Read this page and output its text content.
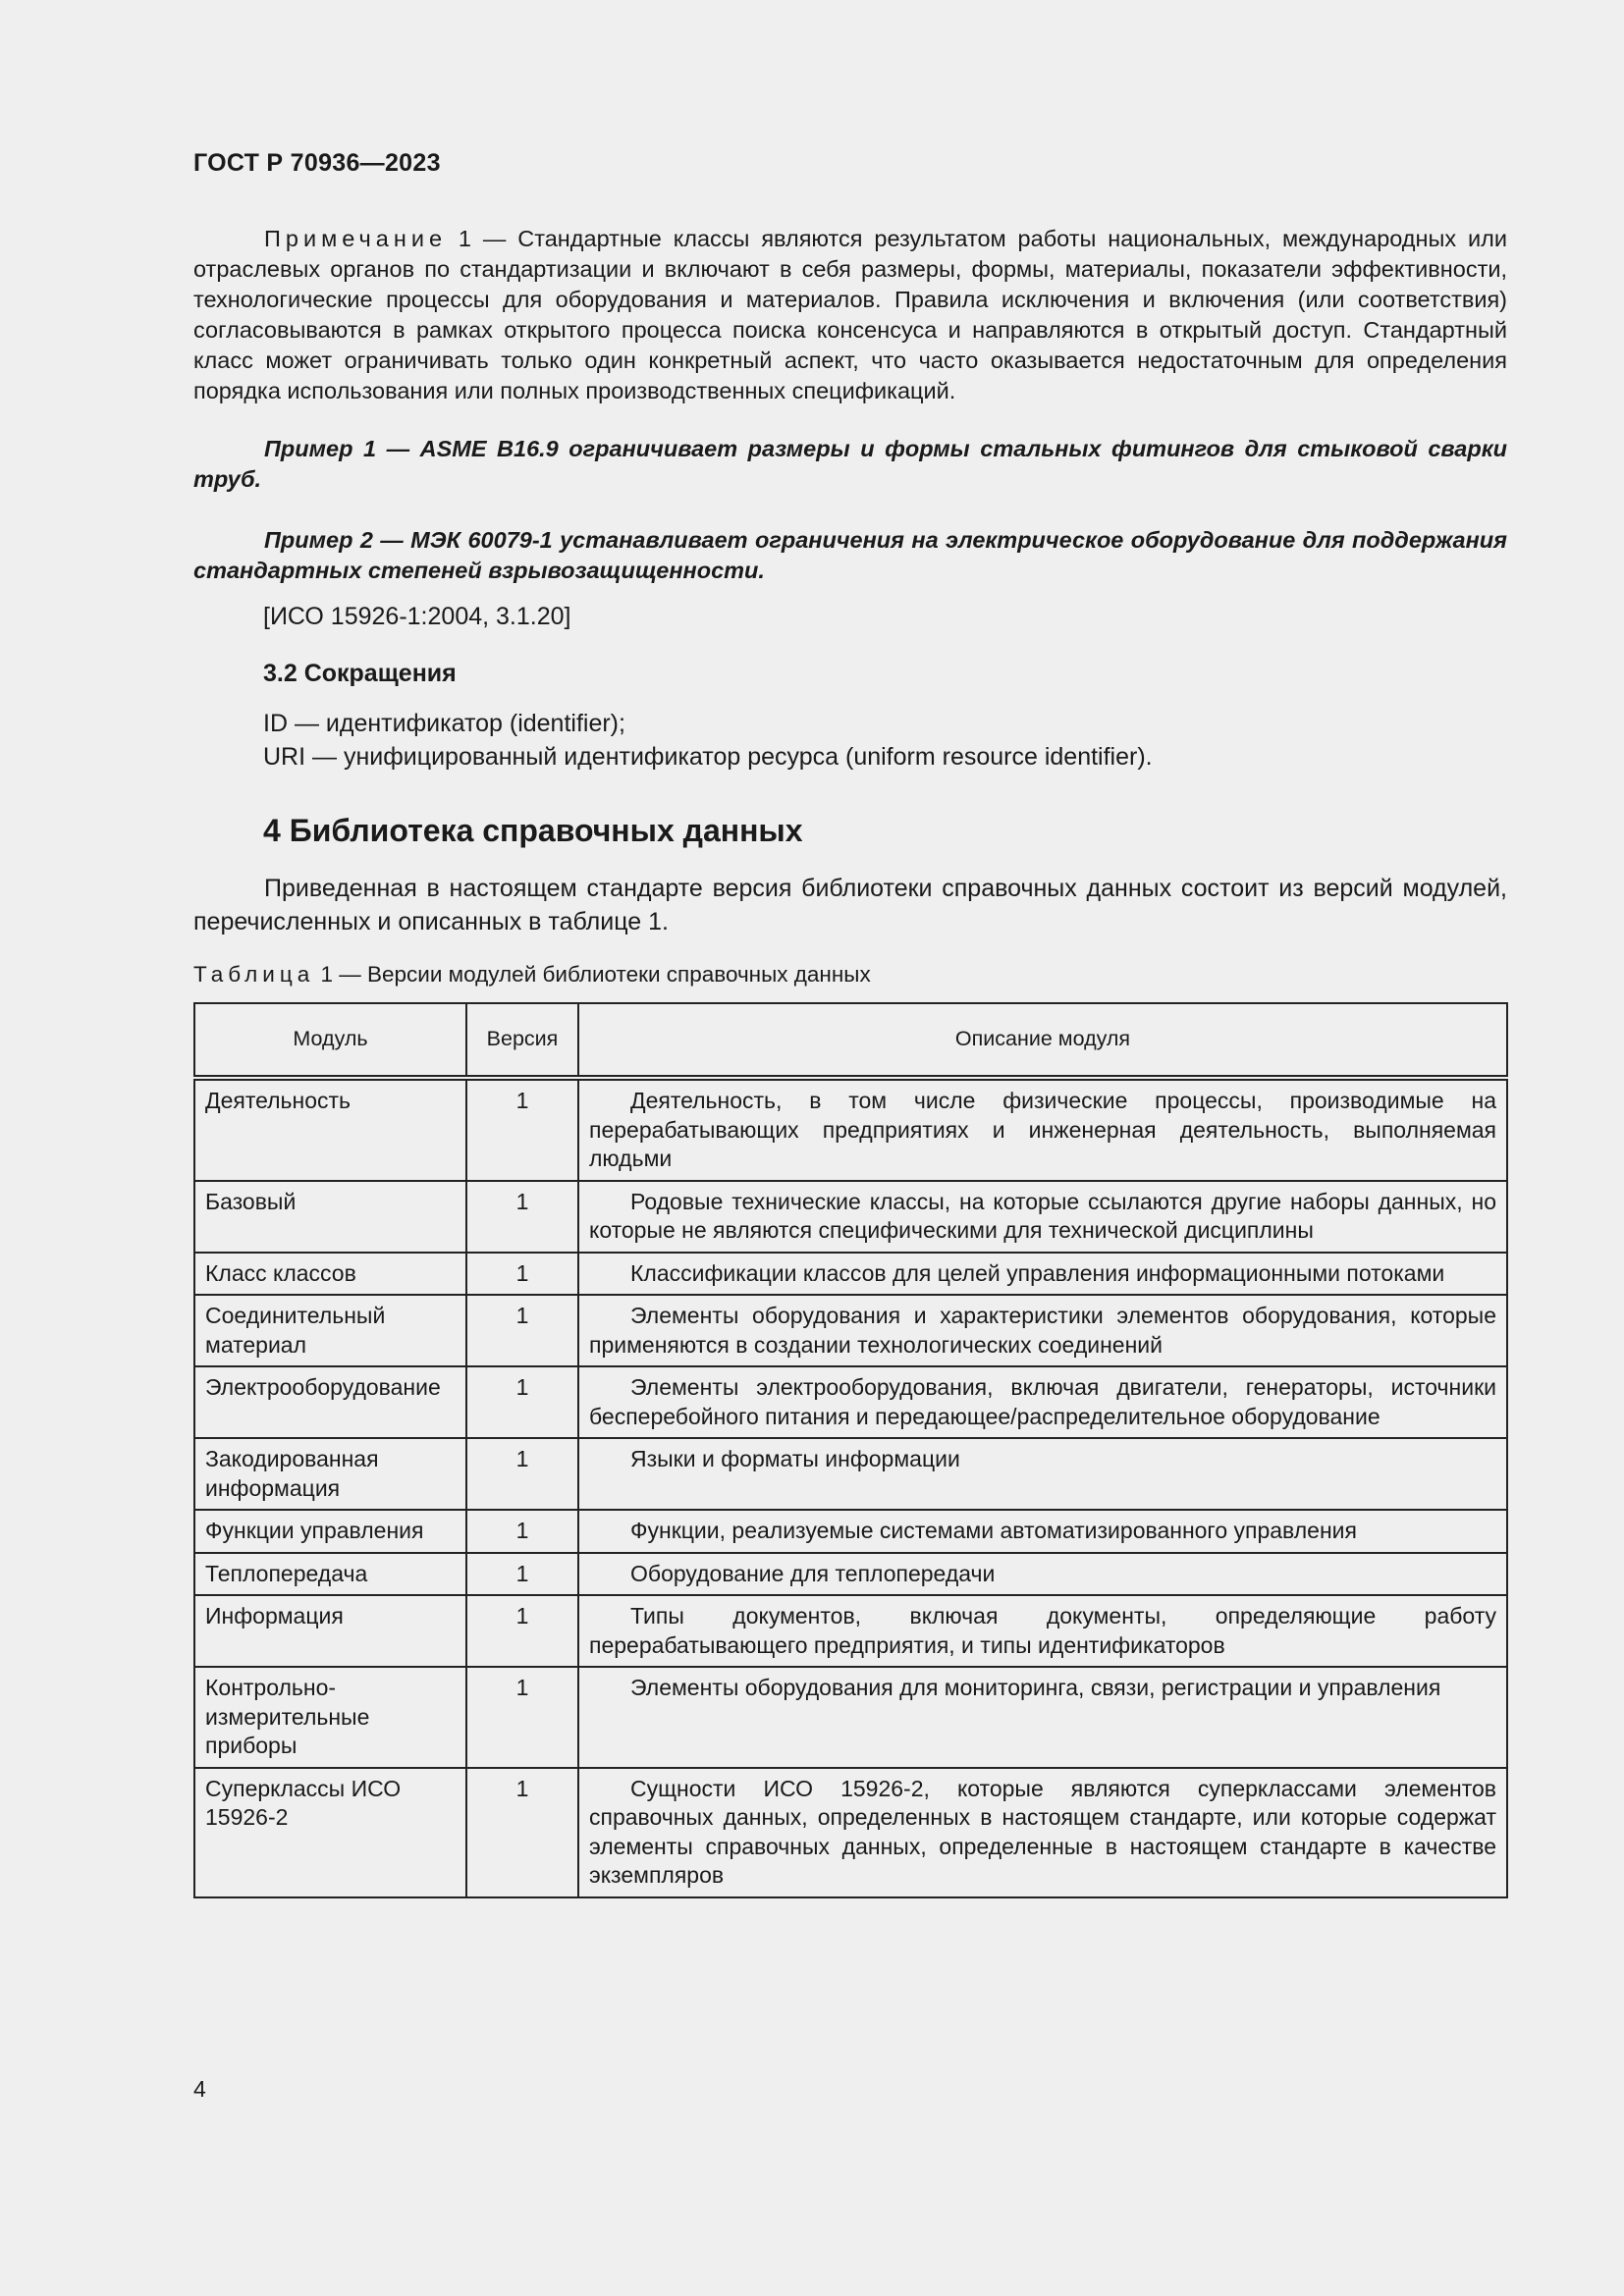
ГОСТ Р 70936—2023

Примечание 1 — Стандартные классы являются результатом работы национальных, международных или отраслевых органов по стандартизации и включают в себя размеры, формы, материалы, показатели эффективности, технологические процессы для оборудования и материалов. Правила исключения и включения (или соответствия) согласовываются в рамках открытого процесса поиска консенсуса и направляются в открытый доступ. Стандартный класс может ограничивать только один конкретный аспект, что часто оказывается недостаточным для определения порядка использования или полных производственных спецификаций.

Пример 1 — ASME B16.9 ограничивает размеры и формы стальных фитингов для стыковой сварки труб.

Пример 2 — МЭК 60079-1 устанавливает ограничения на электрическое оборудование для поддержания стандартных степеней взрывозащищенности.

[ИСО 15926-1:2004, 3.1.20]
3.2 Сокращения
ID — идентификатор (identifier);
URI — унифицированный идентификатор ресурса (uniform resource identifier).
4 Библиотека справочных данных

Приведенная в настоящем стандарте версия библиотеки справочных данных состоит из версий модулей, перечисленных и описанных в таблице 1.

Таблица 1 — Версии модулей библиотеки справочных данных
Модуль	Версия	Описание модуля
Деятельность	1	Деятельность, в том числе физические процессы, производимые на перерабатывающих предприятиях и инженерная деятельность, выполняемая людьми
Базовый	1	Родовые технические классы, на которые ссылаются другие наборы данных, но которые не являются специфическими для технической дисциплины
Класс классов	1	Классификации классов для целей управления информационными потоками
Соединительный материал	1	Элементы оборудования и характеристики элементов оборудования, которые применяются в создании технологических соединений
Электрооборудование	1	Элементы электрооборудования, включая двигатели, генераторы, источники бесперебойного питания и передающее/распределительное оборудование
Закодированная информация	1	Языки и форматы информации
Функции управления	1	Функции, реализуемые системами автоматизированного управления
Теплопередача	1	Оборудование для теплопередачи
Информация	1	Типы документов, включая документы, определяющие работу перерабатывающего предприятия, и типы идентификаторов
Контрольно-измерительные приборы	1	Элементы оборудования для мониторинга, связи, регистрации и управления
Суперклассы ИСО 15926-2	1	Сущности ИСО 15926-2, которые являются суперклассами элементов справочных данных, определенных в настоящем стандарте, или которые содержат элементы справочных данных, определенные в настоящем стандарте в качестве экземпляров
4
